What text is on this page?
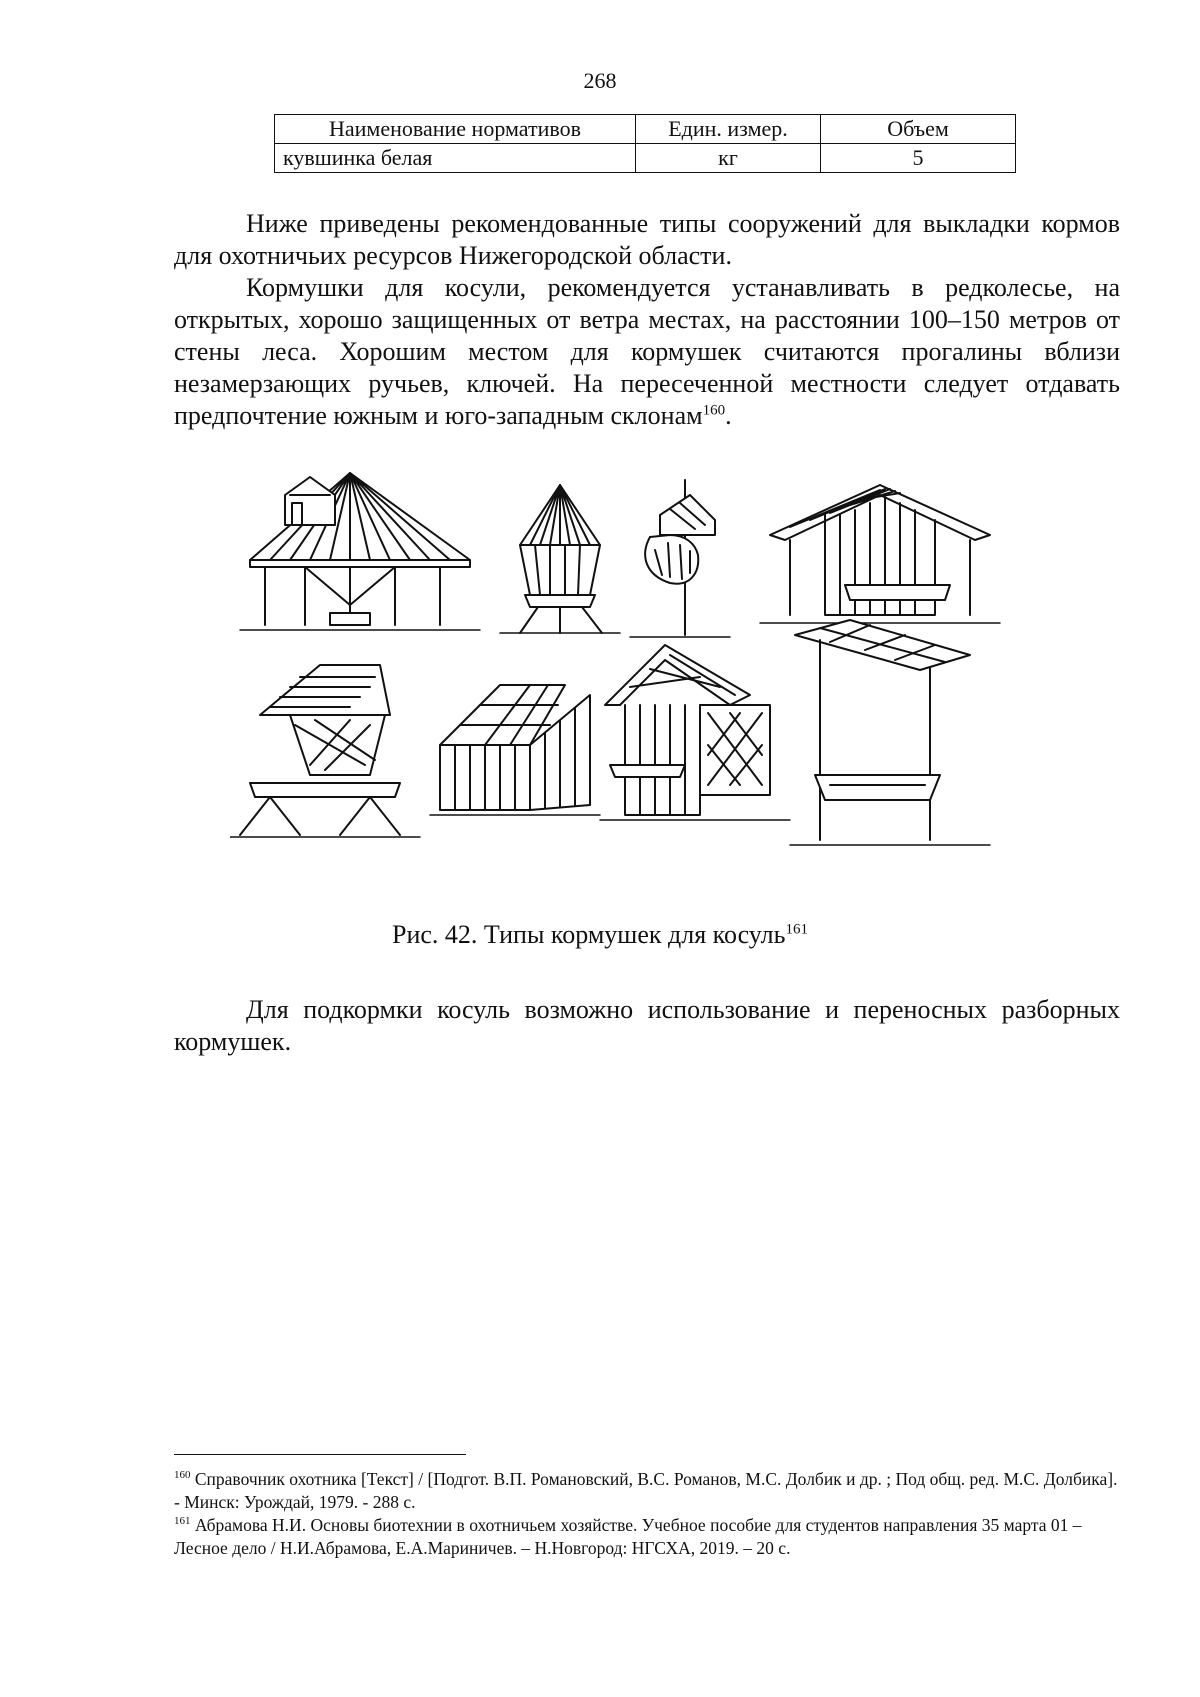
268
Наименование нормативов	Един. измер.	Объем
кувшинка белая	кг	5

Ниже приведены рекомендованные типы сооружений для выкладки кормов для охотничьих ресурсов Нижегородской области.

Кормушки для косули, рекомендуется устанавливать в редколесье, на открытых, хорошо защищенных от ветра местах, на расстоянии 100–150 метров от стены леса. Хорошим местом для кормушек считаются прогалины вблизи незамерзающих ручьев, ключей. На пересеченной местности следует отдавать предпочтение южным и юго-западным склонам$^{160}$.

Рис. 42. Типы кормушек для косуль$^{161}$

Для подкормки косуль возможно использование и переносных разборных кормушек.

$^{160}$ Справочник охотника [Текст] / [Подгот. В.П. Романовский, В.С. Романов, М.С. Долбик и др. ; Под общ. ред. М.С. Долбика]. - Минск: Урождай, 1979. - 288 с.

$^{161}$ Абрамова Н.И. Основы биотехнии в охотничьем хозяйстве. Учебное пособие для студентов направления 35 марта 01 – Лесное дело / Н.И.Абрамова, Е.А.Мариничев. – Н.Новгород: НГСХА, 2019. – 20 с.
